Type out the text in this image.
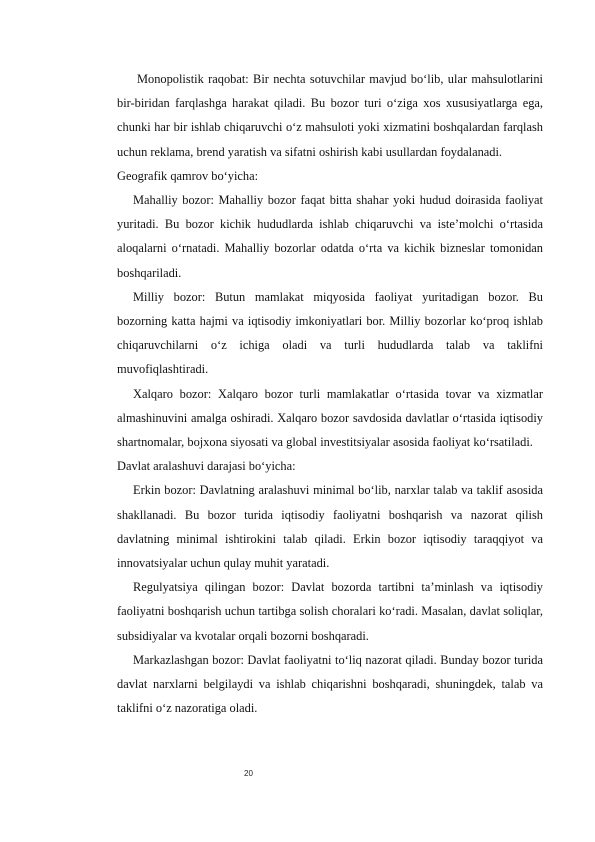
Monopolistik raqobat: Bir nechta sotuvchilar mavjud bo‘lib, ular mahsulotlarini bir-biridan farqlashga harakat qiladi. Bu bozor turi o‘ziga xos xususiyatlarga ega, chunki har bir ishlab chiqaruvchi o‘z mahsuloti yoki xizmatini boshqalardan farqlash uchun reklama, brend yaratish va sifatni oshirish kabi usullardan foydalanadi.

Geografik qamrov bo‘yicha:

Mahalliy bozor: Mahalliy bozor faqat bitta shahar yoki hudud doirasida faoliyat yuritadi. Bu bozor kichik hududlarda ishlab chiqaruvchi va iste’molchi o‘rtasida aloqalarni o‘rnatadi. Mahalliy bozorlar odatda o‘rta va kichik bizneslar tomonidan boshqariladi.

Milliy bozor: Butun mamlakat miqyosida faoliyat yuritadigan bozor. Bu bozorning katta hajmi va iqtisodiy imkoniyatlari bor. Milliy bozorlar ko‘proq ishlab chiqaruvchilarni o‘z ichiga oladi va turli hududlarda talab va taklifni muvofiqlashtiradi.

Xalqaro bozor: Xalqaro bozor turli mamlakatlar o‘rtasida tovar va xizmatlar almashinuvini amalga oshiradi. Xalqaro bozor savdosida davlatlar o‘rtasida iqtisodiy shartnomalar, bojxona siyosati va global investitsiyalar asosida faoliyat ko‘rsatiladi.

Davlat aralashuvi darajasi bo‘yicha:

Erkin bozor: Davlatning aralashuvi minimal bo‘lib, narxlar talab va taklif asosida shakllanadi. Bu bozor turida iqtisodiy faoliyatni boshqarish va nazorat qilish davlatning minimal ishtirokini talab qiladi. Erkin bozor iqtisodiy taraqqiyot va innovatsiyalar uchun qulay muhit yaratadi.

Regulyatsiya qilingan bozor: Davlat bozorda tartibni ta’minlash va iqtisodiy faoliyatni boshqarish uchun tartibga solish choralari ko‘radi. Masalan, davlat soliqlar, subsidiyalar va kvotalar orqali bozorni boshqaradi.

Markazlashgan bozor: Davlat faoliyatni to‘liq nazorat qiladi. Bunday bozor turida davlat narxlarni belgilaydi va ishlab chiqarishni boshqaradi, shuningdek, talab va taklifni o‘z nazoratiga oladi.

20
